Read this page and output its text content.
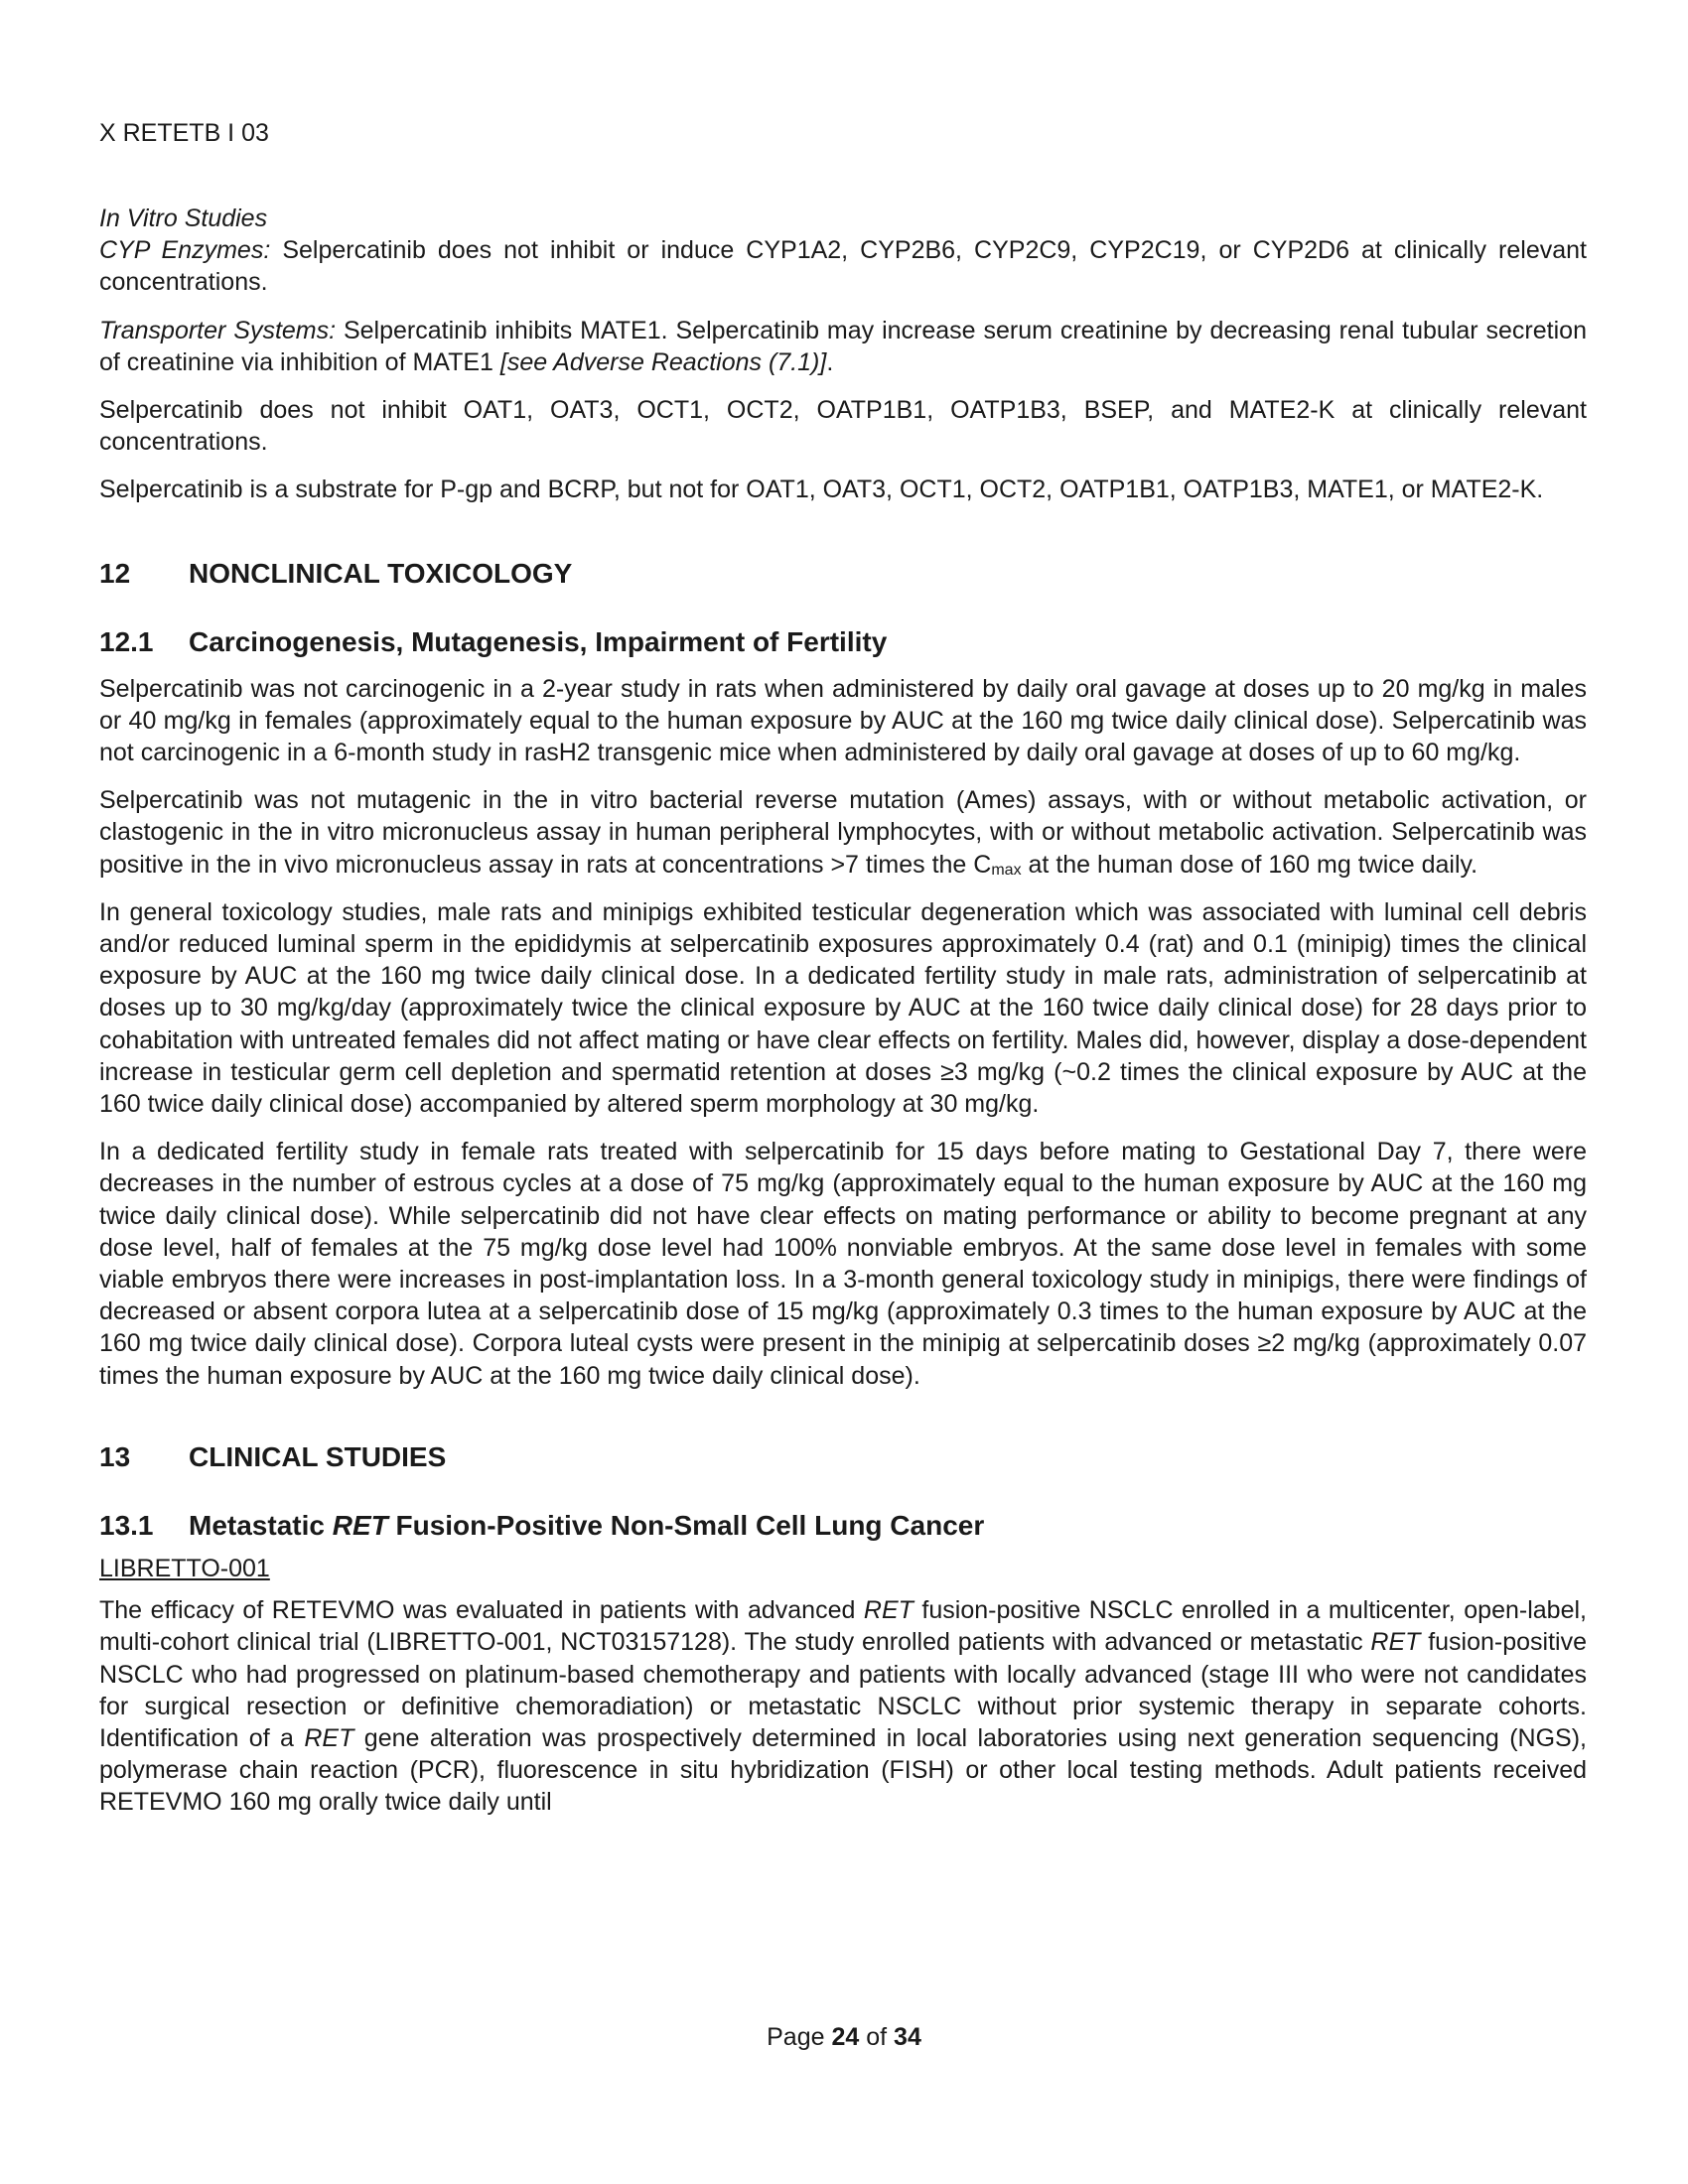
X RETETB I 03

In Vitro Studies

CYP Enzymes: Selpercatinib does not inhibit or induce CYP1A2, CYP2B6, CYP2C9, CYP2C19, or CYP2D6 at clinically relevant concentrations.

Transporter Systems: Selpercatinib inhibits MATE1. Selpercatinib may increase serum creatinine by decreasing renal tubular secretion of creatinine via inhibition of MATE1 [see Adverse Reactions (7.1)].

Selpercatinib does not inhibit OAT1, OAT3, OCT1, OCT2, OATP1B1, OATP1B3, BSEP, and MATE2-K at clinically relevant concentrations.

Selpercatinib is a substrate for P-gp and BCRP, but not for OAT1, OAT3, OCT1, OCT2, OATP1B1, OATP1B3, MATE1, or MATE2-K.

12	NONCLINICAL TOXICOLOGY
12.1	Carcinogenesis, Mutagenesis, Impairment of Fertility

Selpercatinib was not carcinogenic in a 2-year study in rats when administered by daily oral gavage at doses up to 20 mg/kg in males or 40 mg/kg in females (approximately equal to the human exposure by AUC at the 160 mg twice daily clinical dose). Selpercatinib was not carcinogenic in a 6-month study in rasH2 transgenic mice when administered by daily oral gavage at doses of up to 60 mg/kg.

Selpercatinib was not mutagenic in the in vitro bacterial reverse mutation (Ames) assays, with or without metabolic activation, or clastogenic in the in vitro micronucleus assay in human peripheral lymphocytes, with or without metabolic activation. Selpercatinib was positive in the in vivo micronucleus assay in rats at concentrations >7 times the $C_{max}$ at the human dose of 160 mg twice daily.

In general toxicology studies, male rats and minipigs exhibited testicular degeneration which was associated with luminal cell debris and/or reduced luminal sperm in the epididymis at selpercatinib exposures approximately 0.4 (rat) and 0.1 (minipig) times the clinical exposure by AUC at the 160 mg twice daily clinical dose. In a dedicated fertility study in male rats, administration of selpercatinib at doses up to 30 mg/kg/day (approximately twice the clinical exposure by AUC at the 160 twice daily clinical dose) for 28 days prior to cohabitation with untreated females did not affect mating or have clear effects on fertility. Males did, however, display a dose-dependent increase in testicular germ cell depletion and spermatid retention at doses ≥3 mg/kg (~0.2 times the clinical exposure by AUC at the 160 twice daily clinical dose) accompanied by altered sperm morphology at 30 mg/kg.

In a dedicated fertility study in female rats treated with selpercatinib for 15 days before mating to Gestational Day 7, there were decreases in the number of estrous cycles at a dose of 75 mg/kg (approximately equal to the human exposure by AUC at the 160 mg twice daily clinical dose). While selpercatinib did not have clear effects on mating performance or ability to become pregnant at any dose level, half of females at the 75 mg/kg dose level had 100% nonviable embryos. At the same dose level in females with some viable embryos there were increases in post-implantation loss. In a 3-month general toxicology study in minipigs, there were findings of decreased or absent corpora lutea at a selpercatinib dose of 15 mg/kg (approximately 0.3 times to the human exposure by AUC at the 160 mg twice daily clinical dose). Corpora luteal cysts were present in the minipig at selpercatinib doses ≥2 mg/kg (approximately 0.07 times the human exposure by AUC at the 160 mg twice daily clinical dose).

13	CLINICAL STUDIES
13.1	Metastatic RET Fusion-Positive Non-Small Cell Lung Cancer

LIBRETTO-001

The efficacy of RETEVMO was evaluated in patients with advanced RET fusion-positive NSCLC enrolled in a multicenter, open-label, multi-cohort clinical trial (LIBRETTO-001, NCT03157128). The study enrolled patients with advanced or metastatic RET fusion-positive NSCLC who had progressed on platinum-based chemotherapy and patients with locally advanced (stage III who were not candidates for surgical resection or definitive chemoradiation) or metastatic NSCLC without prior systemic therapy in separate cohorts. Identification of a RET gene alteration was prospectively determined in local laboratories using next generation sequencing (NGS), polymerase chain reaction (PCR), fluorescence in situ hybridization (FISH) or other local testing methods. Adult patients received RETEVMO 160 mg orally twice daily until

Page 24 of 34
